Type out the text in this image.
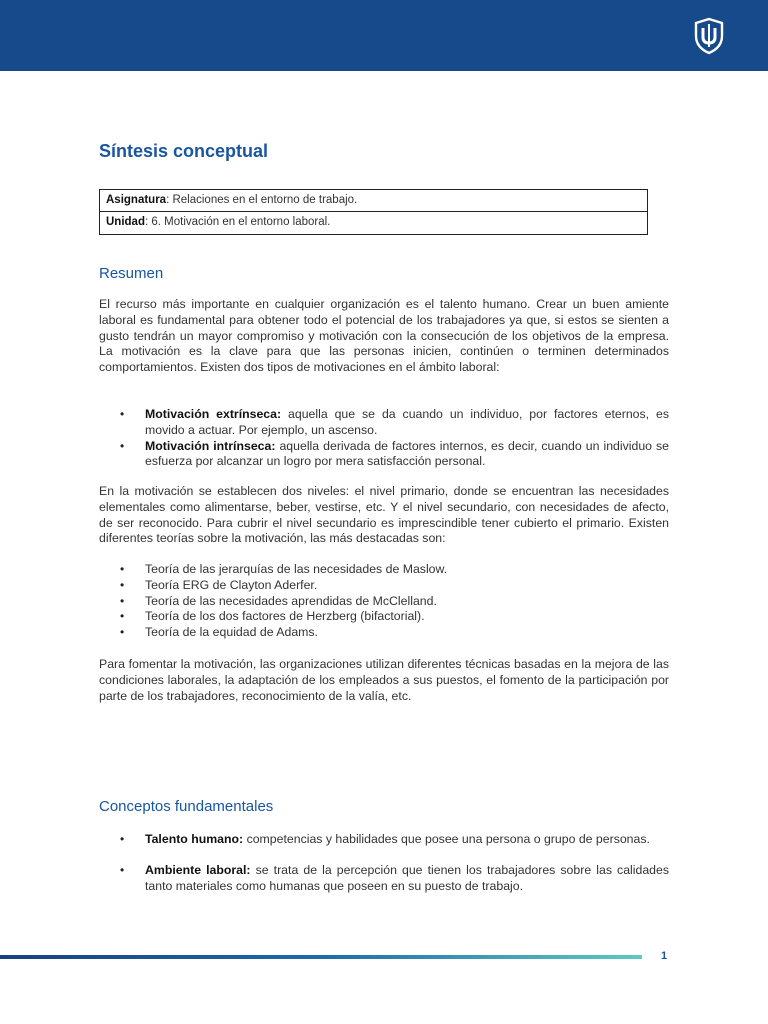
Síntesis conceptual
Asignatura: Relaciones en el entorno de trabajo.
Unidad: 6. Motivación en el entorno laboral.
Resumen

El recurso más importante en cualquier organización es el talento humano. Crear un buen amiente laboral es fundamental para obtener todo el potencial de los trabajadores ya que, si estos se sienten a gusto tendrán un mayor compromiso y motivación con la consecución de los objetivos de la empresa. La motivación es la clave para que las personas inicien, continúen o terminen determinados comportamientos. Existen dos tipos de motivaciones en el ámbito laboral:

• Motivación extrínseca: aquella que se da cuando un individuo, por factores eternos, es movido a actuar. Por ejemplo, un ascenso.
• Motivación intrínseca: aquella derivada de factores internos, es decir, cuando un individuo se esfuerza por alcanzar un logro por mera satisfacción personal.

En la motivación se establecen dos niveles: el nivel primario, donde se encuentran las necesidades elementales como alimentarse, beber, vestirse, etc. Y el nivel secundario, con necesidades de afecto, de ser reconocido. Para cubrir el nivel secundario es imprescindible tener cubierto el primario. Existen diferentes teorías sobre la motivación, las más destacadas son:

• Teoría de las jerarquías de las necesidades de Maslow.
• Teoría ERG de Clayton Aderfer.
• Teoría de las necesidades aprendidas de McClelland.
• Teoría de los dos factores de Herzberg (bifactorial).
• Teoría de la equidad de Adams.

Para fomentar la motivación, las organizaciones utilizan diferentes técnicas basadas en la mejora de las condiciones laborales, la adaptación de los empleados a sus puestos, el fomento de la participación por parte de los trabajadores, reconocimiento de la valía, etc.

Conceptos fundamentales
• Talento humano: competencias y habilidades que posee una persona o grupo de personas.
• Ambiente laboral: se trata de la percepción que tienen los trabajadores sobre las calidades tanto materiales como humanas que poseen en su puesto de trabajo.
1
